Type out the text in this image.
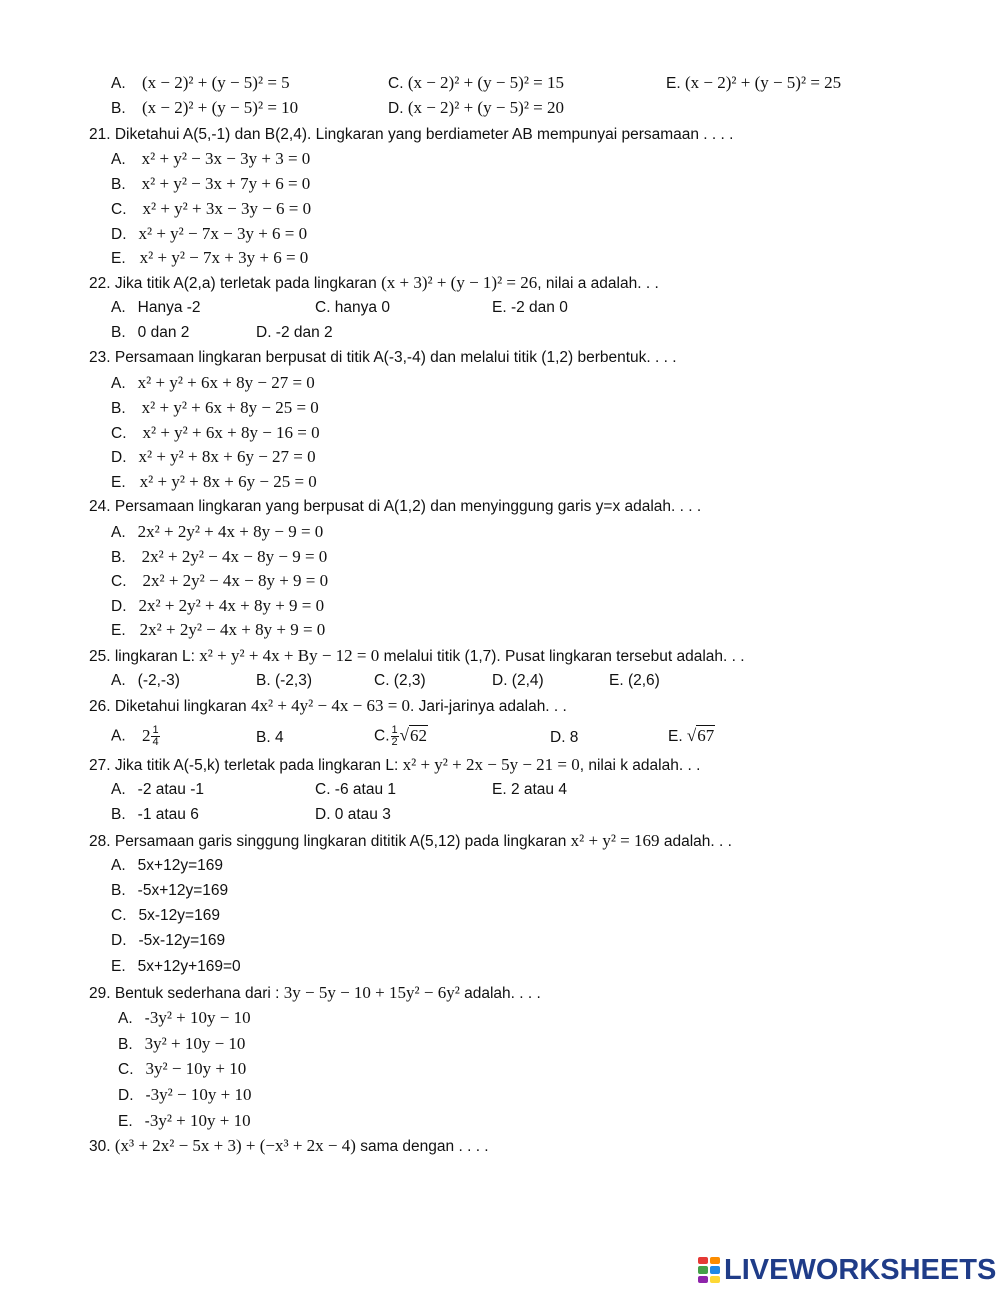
A. (x − 2)² + (y − 5)² = 5	C. (x − 2)² + (y − 5)² = 15	E. (x − 2)² + (y − 5)² = 25
B. (x − 2)² + (y − 5)² = 10	D. (x − 2)² + (y − 5)² = 20
21. Diketahui A(5,-1) dan B(2,4). Lingkaran yang berdiameter AB mempunyai persamaan . . . .
A. x² + y² − 3x − 3y + 3 = 0
B. x² + y² − 3x + 7y + 6 = 0
C. x² + y² + 3x − 3y − 6 = 0
D. x² + y² − 7x − 3y + 6 = 0
E. x² + y² − 7x + 3y + 6 = 0
22. Jika titik A(2,a) terletak pada lingkaran (x + 3)² + (y − 1)² = 26, nilai a adalah. . .
A. Hanya -2	C. hanya 0	E. -2 dan 0
B. 0 dan 2	D. -2 dan 2
23. Persamaan lingkaran berpusat di titik A(-3,-4) dan melalui titik (1,2) berbentuk. . . .
A. x² + y² + 6x + 8y − 27 = 0
B. x² + y² + 6x + 8y − 25 = 0
C. x² + y² + 6x + 8y − 16 = 0
D. x² + y² + 8x + 6y − 27 = 0
E. x² + y² + 8x + 6y − 25 = 0
24. Persamaan lingkaran yang berpusat di A(1,2) dan menyinggung garis y=x adalah. . . .
A. 2x² + 2y² + 4x + 8y − 9 = 0
B. 2x² + 2y² − 4x − 8y − 9 = 0
C. 2x² + 2y² − 4x − 8y + 9 = 0
D. 2x² + 2y² + 4x + 8y + 9 = 0
E. 2x² + 2y² − 4x + 8y + 9 = 0
25. lingkaran L: x² + y² + 4x + By − 12 = 0 melalui titik (1,7). Pusat lingkaran tersebut adalah. . .
A. (-2,-3)	B. (-2,3)	C. (2,3)	D. (2,4)	E. (2,6)
26. Diketahui lingkaran 4x² + 4y² − 4x − 63 = 0. Jari-jarinya adalah. . .
A. $2 \frac{1}{4}$	B. 4	C. $\frac{1}{2} √62$	D. 8	E. √67
27. Jika titik A(-5,k) terletak pada lingkaran L: x² + y² + 2x − 5y − 21 = 0, nilai k adalah. . .
A. -2 atau -1	C. -6 atau 1	E. 2 atau 4
B. -1 atau 6	D. 0 atau 3
28. Persamaan garis singgung lingkaran dititik A(5,12) pada lingkaran x² + y² = 169 adalah. . .
A. 5x+12y=169
B. -5x+12y=169
C. 5x-12y=169
D. -5x-12y=169
E. 5x+12y+169=0
29. Bentuk sederhana dari : 3y − 5y − 10 + 15y² − 6y² adalah. . . .
A. -3y² + 10y − 10
B. 3y² + 10y − 10
C. 3y² − 10y + 10
D. -3y² − 10y + 10
E. -3y² + 10y + 10
30. (x³ + 2x² − 5x + 3) + (−x³ + 2x − 4) sama dengan . . . .
LIVEWORKSHEETS
